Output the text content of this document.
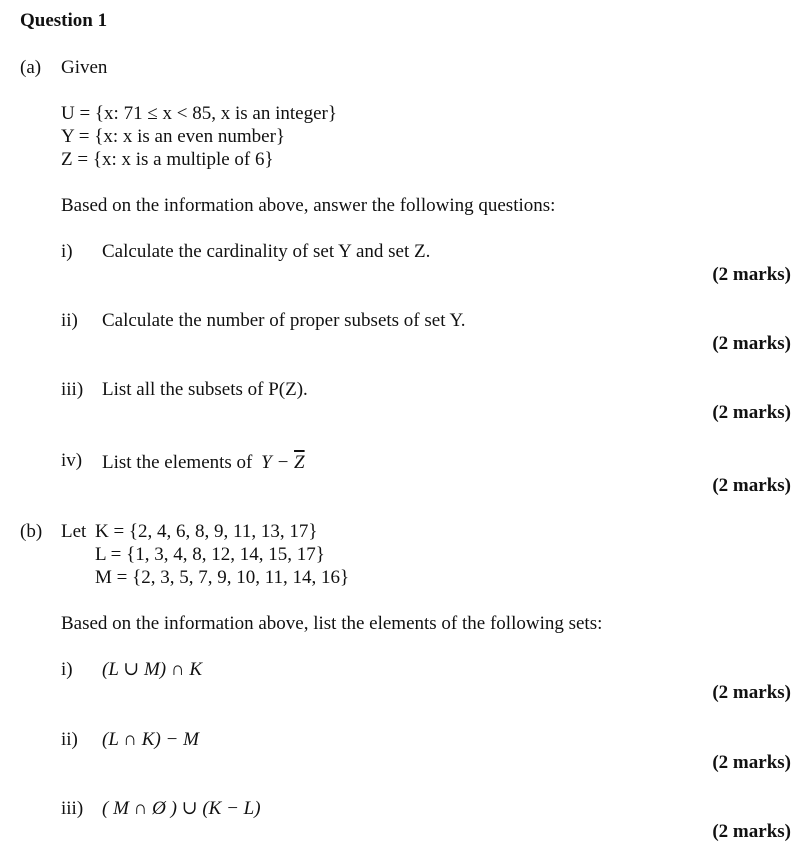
Question 1
(a) Given
U = {x: 71 ≤ x < 85, x is an integer}
Y = {x: x is an even number}
Z = {x: x is a multiple of 6}
Based on the information above, answer the following questions:
i) Calculate the cardinality of set Y and set Z.
(2 marks)
ii) Calculate the number of proper subsets of set Y.
(2 marks)
iii) List all the subsets of P(Z).
(2 marks)
iv) List the elements of $Y - \overline{Z}$
(2 marks)
(b) Let K = {2, 4, 6, 8, 9, 11, 13, 17}
L = {1, 3, 4, 8, 12, 14, 15, 17}
M = {2, 3, 5, 7, 9, 10, 11, 14, 16}
Based on the information above, list the elements of the following sets:
i) (L ∪ M) ∩ K
(2 marks)
ii) (L ∩ K) − M
(2 marks)
iii) ( M ∩ Ø ) ∪ (K − L)
(2 marks)
